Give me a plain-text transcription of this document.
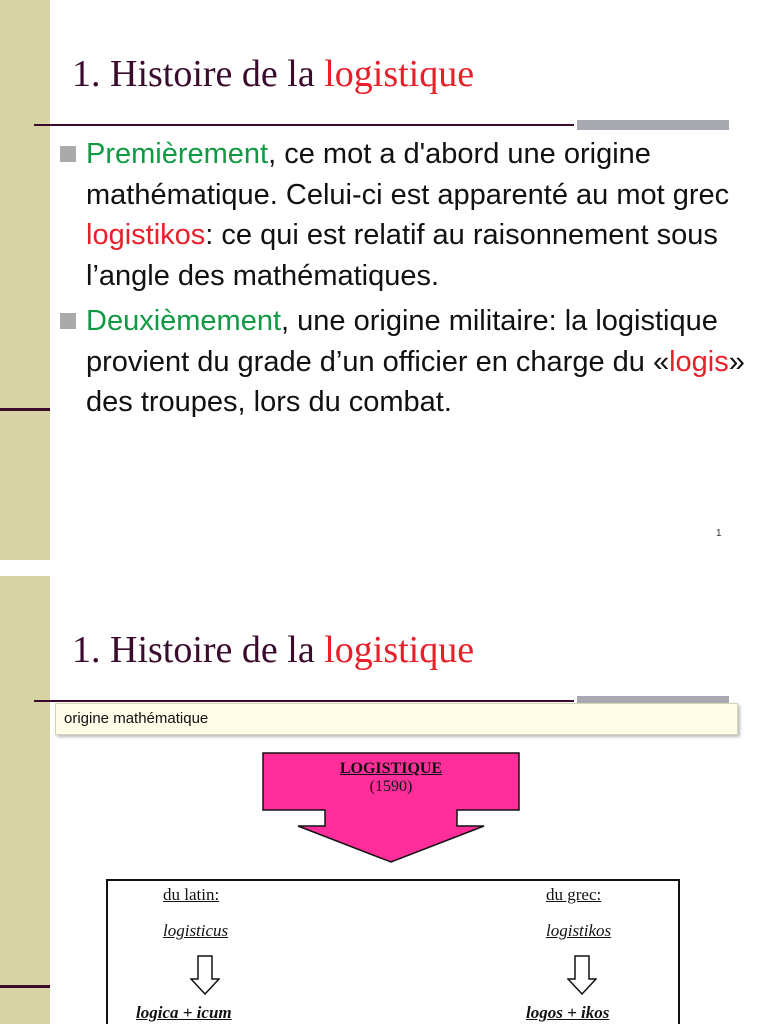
1. Histoire de la logistique
Premièrement, ce mot a d'abord une origine mathématique. Celui-ci est apparenté au mot grec logistikos: ce qui est relatif au raisonnement sous l’angle des mathématiques.
Deuxièmement, une origine militaire: la logistique provient du grade d’un officier en charge du «logis» des troupes, lors du combat.
1
1. Histoire de la logistique
origine mathématique
LOGISTIQUE
(1590)
du latin:
logisticus
logica + icum
du grec:
logistikos
logos + ikos
